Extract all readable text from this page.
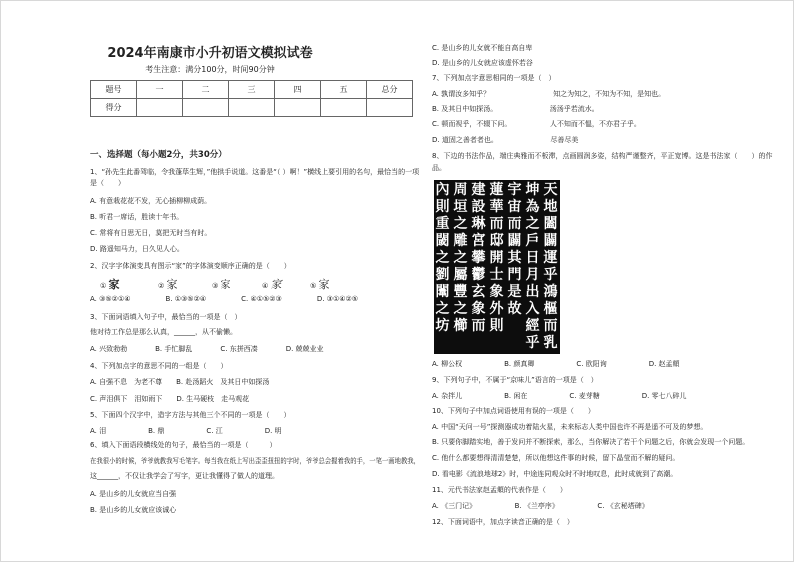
2024年南康市小升初语文模拟试卷
考生注意：满分100分，时间90分钟
题号	一	二	三	四	五	总分
得分						
一、选择题（每小题2分，共30分）
1、“孙先生此番驾临，令我蓬荜生辉，”他拱手说道。这番是“（ ）啊！”横线上要引用的名句，最恰当的一项
是（　　）
A. 有意栽花花不发，无心插柳柳成荫。
B. 听君一席话，胜读十年书。
C. 常将有日思无日，莫把无时当有时。
D. 路遥知马力，日久见人心。
2、汉字字体演变具有图示“家”的字体演变顺序正确的是（　　）
① 家	② 家	③ 家	④ 家	⑤ 家
A. ③⑤②①④　　　　　B. ①③⑤②④　　　　　C. ④①⑤②③　　　　　D. ③①④②⑤
3、下面词语填入句子中，最恰当的一项是（　）
他对待工作总是那么认真，______，从不偷懒。
A. 兴致勃勃　　　　B. 手忙脚乱　　　　C. 东拼西凑　　　　D. 兢兢业业
4、下列加点字的意思不同的一组是（　　）
A. 自强不息　为老不尊　　B. 赴汤蹈火　及其日中如探汤
C. 声泪俱下　泪如雨下　　D. 生马硬枝　走马观花
5、下面四个汉字中，造字方法与其他三个不同的一项是（　　）
A. 泪　　　　　　B. 鼎　　　　　　C. 江　　　　　　D. 明
6、填入下面语段横线处的句子，最恰当的一项是（　　　）
在我很小的时候，爷爷就教我写毛笔字。每当我在纸上写出歪歪扭扭的字时，爷爷总会握着我的手，一笔一画地教我，
这______，不仅让我学会了写字，更让我懂得了做人的道理。
A. 是山乡的儿女就应当自强
B. 是山乡的儿女就应该诚心
C. 是山乡的儿女就不能自高自卑
D. 是山乡的儿女就应该虚怀若谷
7、下列加点字意思相同的一项是（　）
A. 孰谓汝多知乎？　　　　　　　　　知之为知之，不知为不知，是知也。
B. 及其日中如探汤。　　　　　　　　汤汤乎若流水。
C. 顿而视乎，不辍下问。　　　　　　人不知而不愠，不亦君子乎。
D. 道固之善者者也。　　　　　　　　尽善尽美
8、下边的书法作品，端庄典雅而不板滞，点画圆润多姿，结构严谨整齐，平正宽博。这是书法家（　　）的作
品。
天
地
闔
闢
運
乎
鴻
樞
而
乳
坤
為
之
戶
日
月
出
入
經
乎
宇
宙
而
闢
其
門
是
故
蓮
華
而
邸
開
士
象
外
則
建
設
琳
宮
攀
鬱
玄
象
而
周
垣
之
雕
之
屬
豐
之
櫛
內
則
重
閾
之
劉
闈
之
坊
A. 柳公权　　　　　　B. 颜真卿　　　　　　C. 欧阳询　　　　　　D. 赵孟頫
9、下列句子中，不属于“京味儿”语言的一项是（　）
A. 杂拌儿　　　　　　B. 闲在　　　　　　C. 麦芽糖　　　　　　D. 零七八碎儿
10、下列句子中加点词语使用有误的一项是（　　）
A. 中国“天问一号”探测器成功着陆火星，未来标志人类中国也许不再是遥不可及的梦想。
B. 只要你脚踏实地，善于发问并不断探索，那么，当你解决了若干个问题之后，你就会发现一个问题。
C. 他什么都要想得清清楚楚，所以他想这件事的时候，留下晶莹而不解的疑问。
D. 看电影《流浪地球2》时，中途连同观众时不时地叹息，此时成就到了高潮。
11、元代书法家赵孟頫的代表作是（　　）
A. 《三门记》　　　　　　B. 《兰亭序》　　　　　　C. 《玄秘塔碑》
12、下面词语中，加点字读音正确的是（　）
